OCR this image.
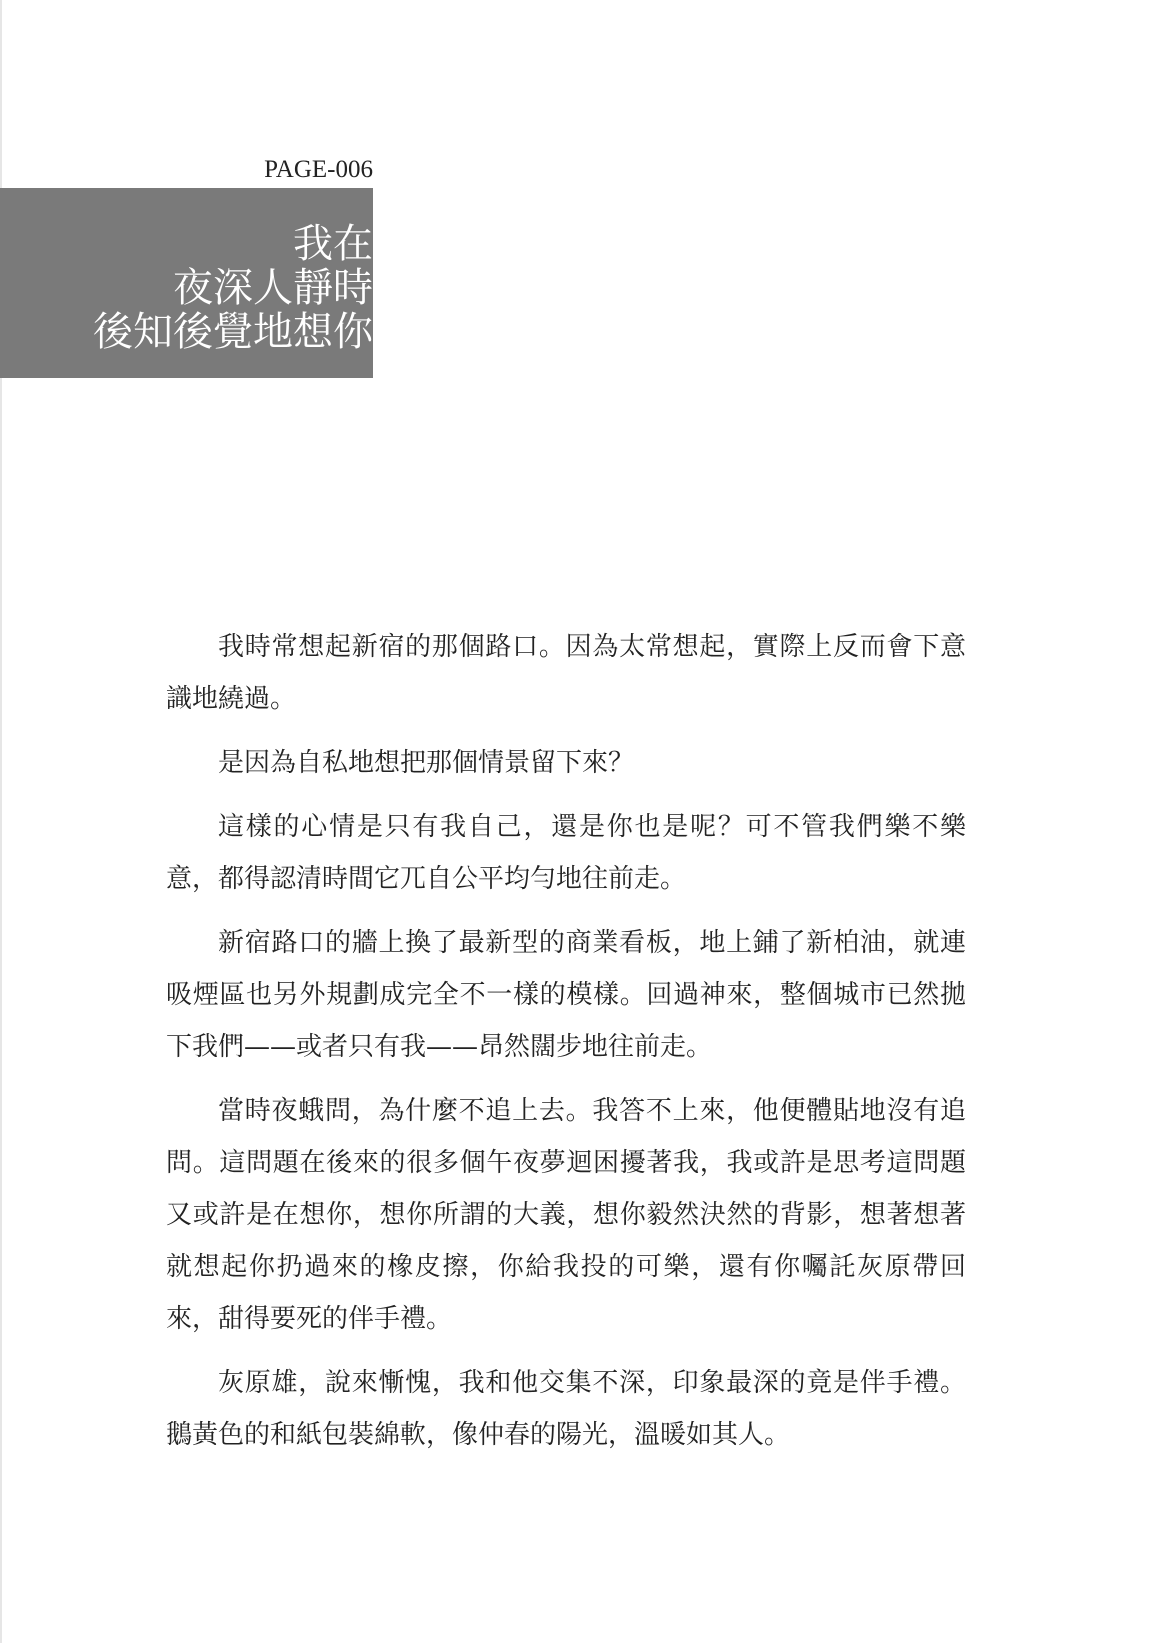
PAGE-006
我在
夜深人靜時
後知後覺地想你

我時常想起新宿的那個路口。因為太常想起，實際上反而會下意識地繞過。

是因為自私地想把那個情景留下來？

這樣的心情是只有我自己，還是你也是呢？可不管我們樂不樂意，都得認清時間它兀自公平均勻地往前走。

新宿路口的牆上換了最新型的商業看板，地上鋪了新柏油，就連吸煙區也另外規劃成完全不一樣的模樣。回過神來，整個城市已然拋下我們——或者只有我——昂然闊步地往前走。

當時夜蛾問，為什麼不追上去。我答不上來，他便體貼地沒有追問。這問題在後來的很多個午夜夢迴困擾著我，我或許是思考這問題又或許是在想你，想你所謂的大義，想你毅然決然的背影，想著想著就想起你扔過來的橡皮擦，你給我投的可樂，還有你囑託灰原帶回來，甜得要死的伴手禮。

灰原雄，說來慚愧，我和他交集不深，印象最深的竟是伴手禮。鵝黃色的和紙包裝綿軟，像仲春的陽光，溫暖如其人。
